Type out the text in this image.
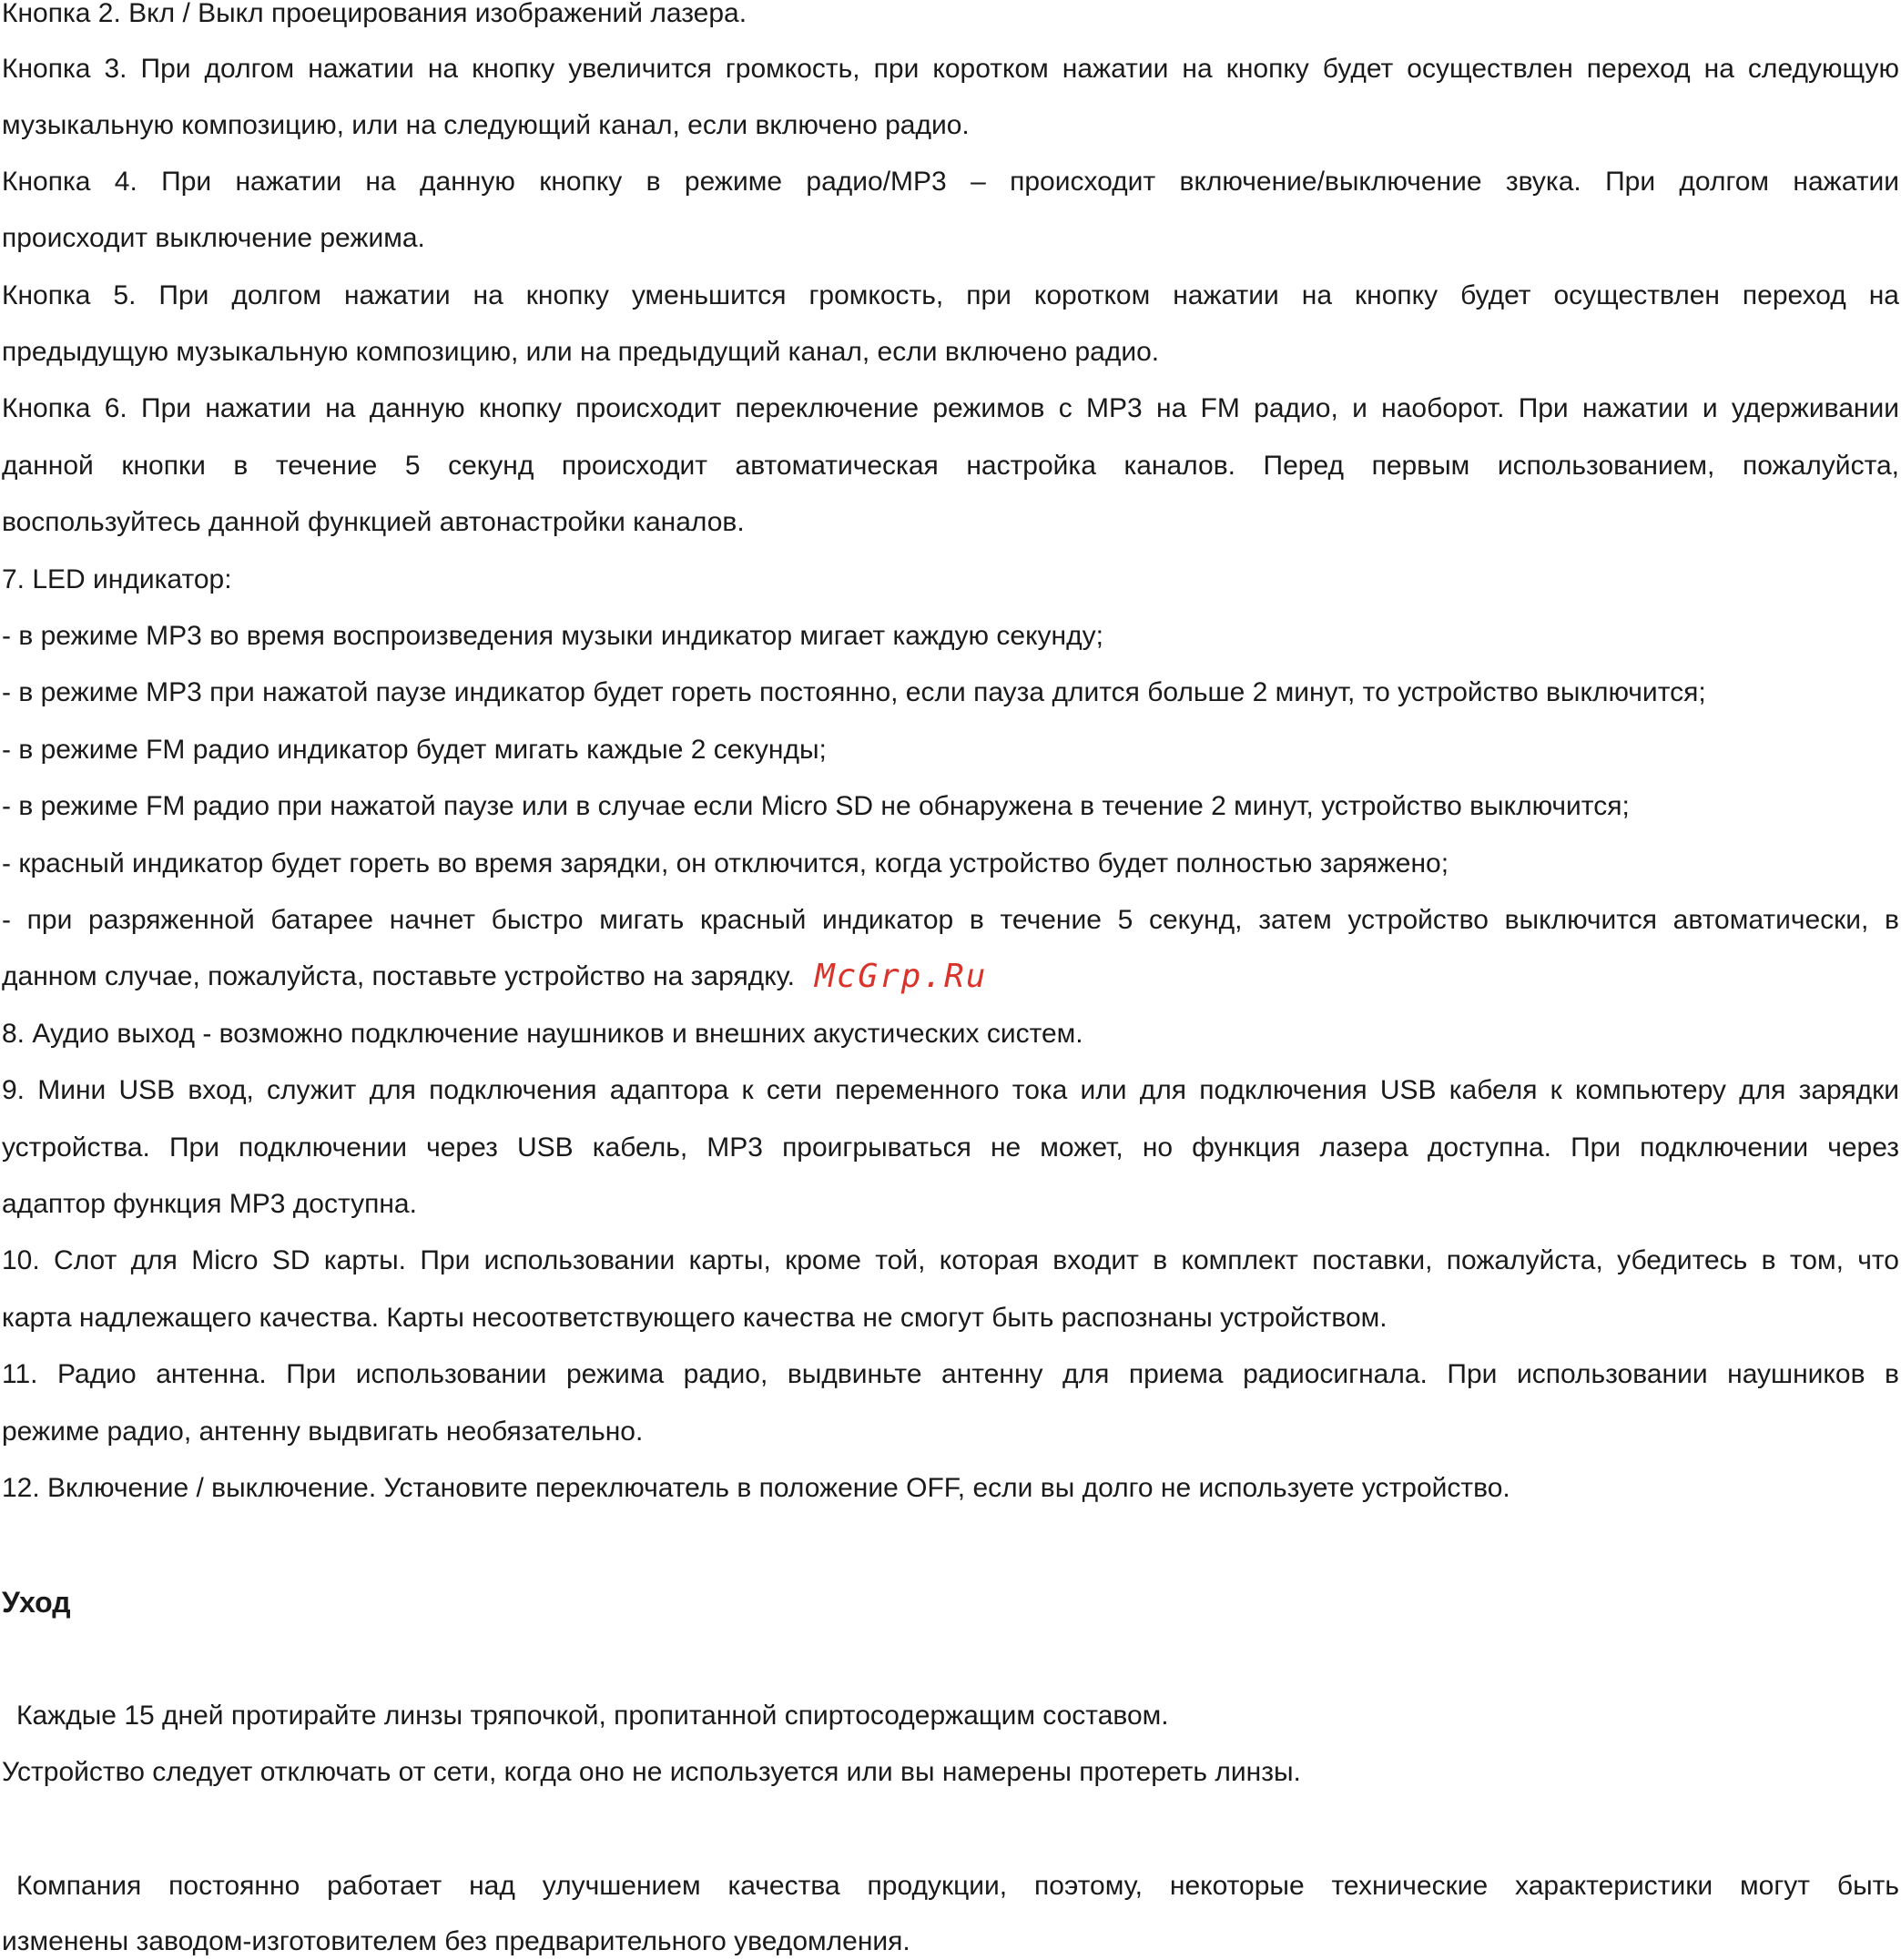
Кнопка 2. Вкл / Выкл проецирования изображений лазера.
Кнопка 3. При долгом нажатии на кнопку увеличится громкость, при коротком нажатии на кнопку будет осуществлен переход на следующую
музыкальную композицию, или на следующий канал, если включено радио.
Кнопка 4. При нажатии на данную кнопку в режиме радио/MP3 – происходит включение/выключение звука. При долгом нажатии
происходит выключение режима.
Кнопка 5. При долгом нажатии на кнопку уменьшится громкость, при коротком нажатии на кнопку будет осуществлен переход на
предыдущую музыкальную композицию, или на предыдущий канал, если включено радио.
Кнопка 6. При нажатии на данную кнопку происходит переключение режимов с MP3 на FM радио, и наоборот. При нажатии и удерживании
данной кнопки в течение 5 секунд происходит автоматическая настройка каналов. Перед первым использованием, пожалуйста,
воспользуйтесь данной функцией автонастройки каналов.
7. LED индикатор:
- в режиме MP3 во время воспроизведения музыки индикатор мигает каждую секунду;
- в режиме MP3 при нажатой паузе индикатор будет гореть постоянно, если пауза длится больше 2 минут, то устройство выключится;
- в режиме FM радио индикатор будет мигать каждые 2 секунды;
- в режиме FM радио при нажатой паузе или в случае если Micro SD не обнаружена в течение 2 минут, устройство выключится;
- красный индикатор будет гореть во время зарядки, он отключится, когда устройство будет полностью заряжено;
- при разряженной батарее начнет быстро мигать красный индикатор в течение 5 секунд, затем устройство выключится автоматически, в
данном случае, пожалуйста, поставьте устройство на зарядку. McGrp.Ru
8. Аудио выход - возможно подключение наушников и внешних акустических систем.
9. Мини USB вход, служит для подключения адаптора к сети переменного тока или для подключения USB кабеля к компьютеру для зарядки
устройства. При подключении через USB кабель, MP3 проигрываться не может, но функция лазера доступна. При подключении через
адаптор функция MP3 доступна.
10. Слот для Micro SD карты. При использовании карты, кроме той, которая входит в комплект поставки, пожалуйста, убедитесь в том, что
карта надлежащего качества. Карты несоответствующего качества не смогут быть распознаны устройством.
11. Радио антенна. При использовании режима радио, выдвиньте антенну для приема радиосигнала. При использовании наушников в
режиме радио, антенну выдвигать необязательно.
12. Включение / выключение. Установите переключатель в положение OFF, если вы долго не используете устройство.
Уход
Каждые 15 дней протирайте линзы тряпочкой, пропитанной спиртосодержащим составом.
Устройство следует отключать от сети, когда оно не используется или вы намерены протереть линзы.
Компания постоянно работает над улучшением качества продукции, поэтому, некоторые технические характеристики могут быть
изменены заводом-изготовителем без предварительного уведомления.
